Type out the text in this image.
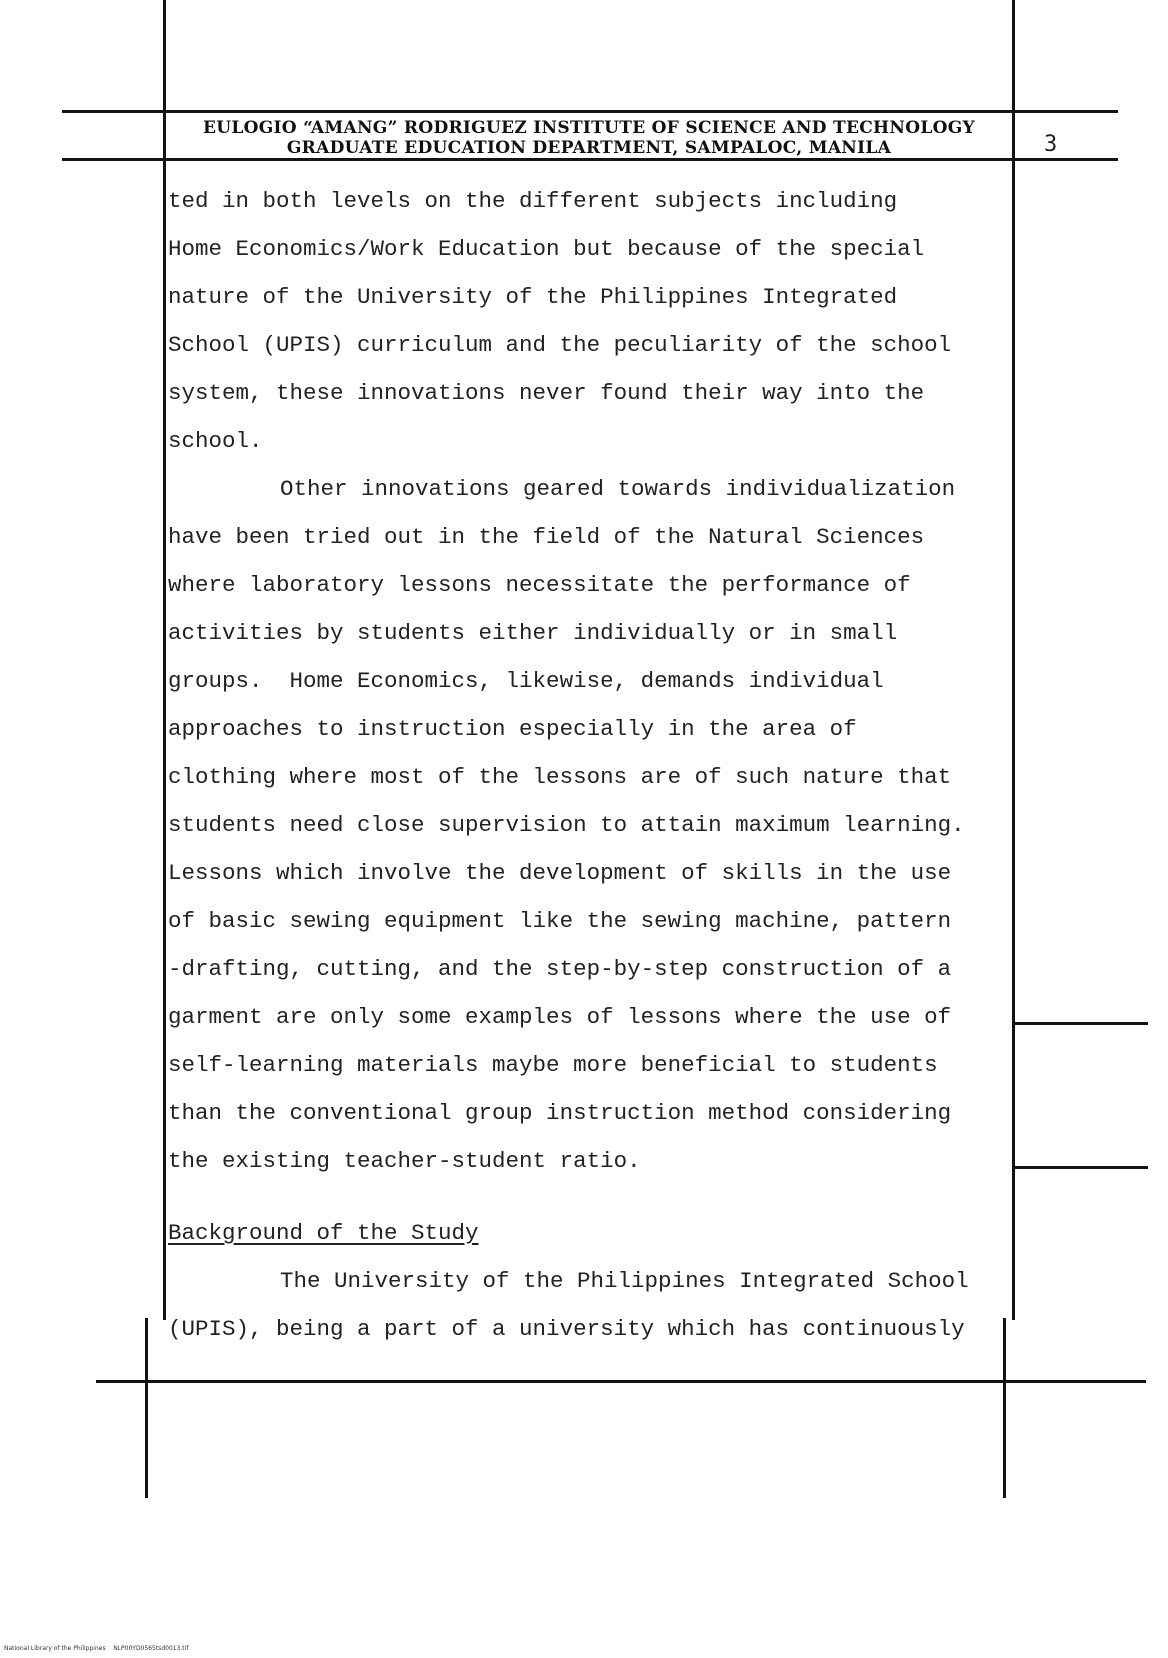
EULOGIO “AMANG” RODRIGUEZ INSTITUTE OF SCIENCE AND TECHNOLOGY
GRADUATE EDUCATION DEPARTMENT, SAMPALOC, MANILA	3
ted in both levels on the different subjects including
Home Economics/Work Education but because of the special
nature of the University of the Philippines Integrated
School (UPIS) curriculum and the peculiarity of the school
system, these innovations never found their way into the
school.
Other innovations geared towards individualization
have been tried out in the field of the Natural Sciences
where laboratory lessons necessitate the performance of
activities by students either individually or in small
groups.  Home Economics, likewise, demands individual
approaches to instruction especially in the area of
clothing where most of the lessons are of such nature that
students need close supervision to attain maximum learning.
Lessons which involve the development of skills in the use
of basic sewing equipment like the sewing machine, pattern
-drafting, cutting, and the step-by-step construction of a
garment are only some examples of lessons where the use of
self-learning materials maybe more beneficial to students
than the conventional group instruction method considering
the existing teacher-student ratio.
Background of the Study
The University of the Philippines Integrated School
(UPIS), being a part of a university which has continuously
National Library of the Philippines    NLP00YD0565tsd0013.tif
